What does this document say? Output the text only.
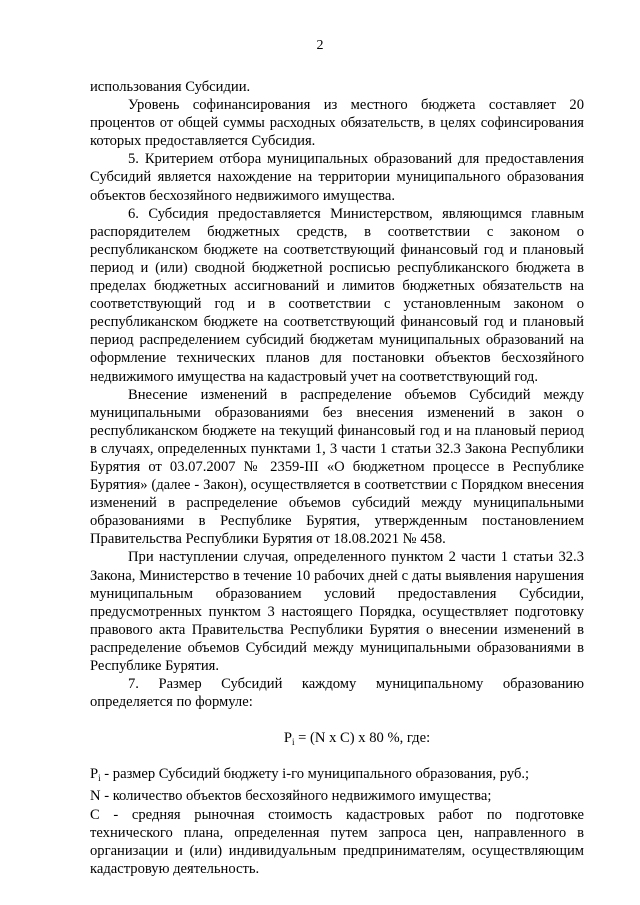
2

использования Субсидии.

Уровень софинансирования из местного бюджета составляет 20 процентов от общей суммы расходных обязательств, в целях софинсирования которых предоставляется Субсидия.

5. Критерием отбора муниципальных образований для предоставления Субсидий является нахождение на территории муниципального образования объектов бесхозяйного недвижимого имущества.

6. Субсидия предоставляется Министерством, являющимся главным распорядителем бюджетных средств, в соответствии с законом о республиканском бюджете на соответствующий финансовый год и плановый период и (или) сводной бюджетной росписью республиканского бюджета в пределах бюджетных ассигнований и лимитов бюджетных обязательств на соответствующий год и в соответствии с установленным законом о республиканском бюджете на соответствующий финансовый год и плановый период распределением субсидий бюджетам муниципальных образований на оформление технических планов для постановки объектов бесхозяйного недвижимого имущества на кадастровый учет на соответствующий год.

Внесение изменений в распределение объемов Субсидий между муниципальными образованиями без внесения изменений в закон о республиканском бюджете на текущий финансовый год и на плановый период в случаях, определенных пунктами 1, 3 части 1 статьи 32.3 Закона Республики Бурятия от 03.07.2007 № 2359-III «О бюджетном процессе в Республике Бурятия» (далее - Закон), осуществляется в соответствии с Порядком внесения изменений в распределение объемов субсидий между муниципальными образованиями в Республике Бурятия, утвержденным постановлением Правительства Республики Бурятия от 18.08.2021 № 458.

При наступлении случая, определенного пунктом 2 части 1 статьи 32.3 Закона, Министерство в течение 10 рабочих дней с даты выявления нарушения муниципальным образованием условий предоставления Субсидии, предусмотренных пунктом 3 настоящего Порядка, осуществляет подготовку правового акта Правительства Республики Бурятия о внесении изменений в распределение объемов Субсидий между муниципальными образованиями в Республике Бурятия.

7. Размер Субсидий каждому муниципальному образованию определяется по формуле:

$P_i = (N$ x C) x 80 %, где:

$P_i$ - размер Субсидий бюджету i-го муниципального образования, руб.;

N - количество объектов бесхозяйного недвижимого имущества;

С - средняя рыночная стоимость кадастровых работ по подготовке технического плана, определенная путем запроса цен, направленного в организации и (или) индивидуальным предпринимателям, осуществляющим кадастровую деятельность.
